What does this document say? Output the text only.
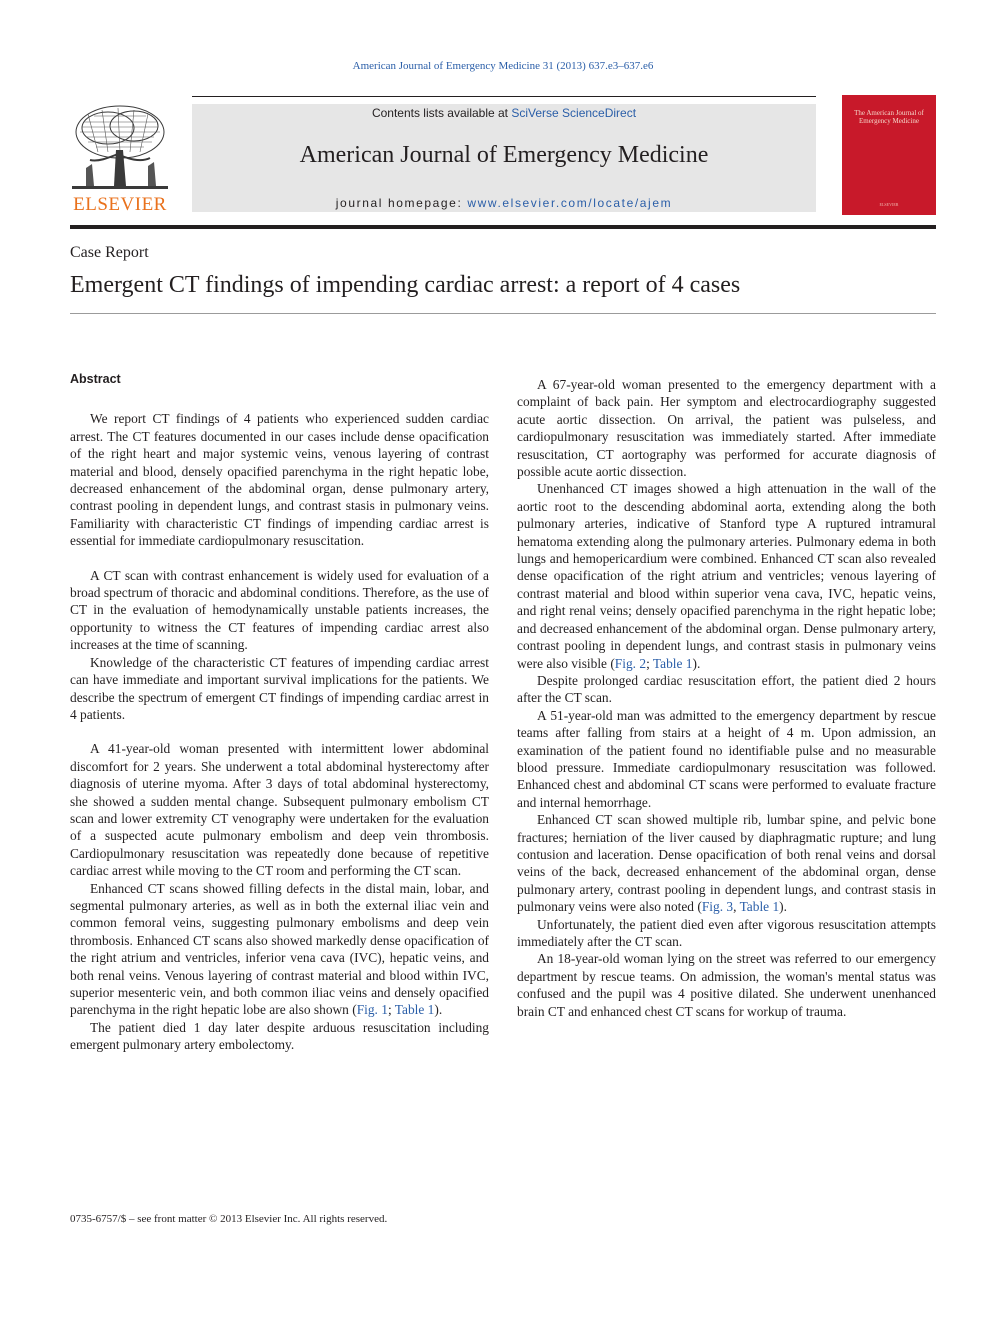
American Journal of Emergency Medicine 31 (2013) 637.e3–637.e6
ELSEVIER
Contents lists available at SciVerse ScienceDirect
American Journal of Emergency Medicine
journal homepage: www.elsevier.com/locate/ajem
The American Journal of Emergency Medicine
ELSEVIER
Case Report
Emergent CT findings of impending cardiac arrest: a report of 4 cases
Abstract

We report CT findings of 4 patients who experienced sudden cardiac arrest. The CT features documented in our cases include dense opacification of the right heart and major systemic veins, venous layering of contrast material and blood, densely opacified parenchyma in the right hepatic lobe, decreased enhancement of the abdominal organ, dense pulmonary artery, contrast pooling in dependent lungs, and contrast stasis in pulmonary veins. Familiarity with characteristic CT findings of impending cardiac arrest is essential for immediate cardiopulmonary resuscitation.

A CT scan with contrast enhancement is widely used for evaluation of a broad spectrum of thoracic and abdominal conditions. Therefore, as the use of CT in the evaluation of hemodynamically unstable patients increases, the opportunity to witness the CT features of impending cardiac arrest also increases at the time of scanning.

Knowledge of the characteristic CT features of impending cardiac arrest can have immediate and important survival implications for the patients. We describe the spectrum of emergent CT findings of impending cardiac arrest in 4 patients.

A 41-year-old woman presented with intermittent lower abdominal discomfort for 2 years. She underwent a total abdominal hysterectomy after diagnosis of uterine myoma. After 3 days of total abdominal hysterectomy, she showed a sudden mental change. Subsequent pulmonary embolism CT scan and lower extremity CT venography were undertaken for the evaluation of a suspected acute pulmonary embolism and deep vein thrombosis. Cardiopulmonary resuscitation was repeatedly done because of repetitive cardiac arrest while moving to the CT room and performing the CT scan.

Enhanced CT scans showed filling defects in the distal main, lobar, and segmental pulmonary arteries, as well as in both the external iliac vein and common femoral veins, suggesting pulmonary embolisms and deep vein thrombosis. Enhanced CT scans also showed markedly dense opacification of the right atrium and ventricles, inferior vena cava (IVC), hepatic veins, and both renal veins. Venous layering of contrast material and blood within IVC, superior mesenteric vein, and both common iliac veins and densely opacified parenchyma in the right hepatic lobe are also shown (Fig. 1; Table 1).

The patient died 1 day later despite arduous resuscitation including emergent pulmonary artery embolectomy.

A 67-year-old woman presented to the emergency department with a complaint of back pain. Her symptom and electrocardiography suggested acute aortic dissection. On arrival, the patient was pulseless, and cardiopulmonary resuscitation was immediately started. After immediate resuscitation, CT aortography was performed for accurate diagnosis of possible acute aortic dissection.

Unenhanced CT images showed a high attenuation in the wall of the aortic root to the descending abdominal aorta, extending along the both pulmonary arteries, indicative of Stanford type A ruptured intramural hematoma extending along the pulmonary arteries. Pulmonary edema in both lungs and hemopericardium were combined. Enhanced CT scan also revealed dense opacification of the right atrium and ventricles; venous layering of contrast material and blood within superior vena cava, IVC, hepatic veins, and right renal veins; densely opacified parenchyma in the right hepatic lobe; and decreased enhancement of the abdominal organ. Dense pulmonary artery, contrast pooling in dependent lungs, and contrast stasis in pulmonary veins were also visible (Fig. 2; Table 1).

Despite prolonged cardiac resuscitation effort, the patient died 2 hours after the CT scan.

A 51-year-old man was admitted to the emergency department by rescue teams after falling from stairs at a height of 4 m. Upon admission, an examination of the patient found no identifiable pulse and no measurable blood pressure. Immediate cardiopulmonary resuscitation was followed. Enhanced chest and abdominal CT scans were performed to evaluate fracture and internal hemorrhage.

Enhanced CT scan showed multiple rib, lumbar spine, and pelvic bone fractures; herniation of the liver caused by diaphragmatic rupture; and lung contusion and laceration. Dense opacification of both renal veins and dorsal veins of the back, decreased enhancement of the abdominal organ, dense pulmonary artery, contrast pooling in dependent lungs, and contrast stasis in pulmonary veins were also noted (Fig. 3, Table 1).

Unfortunately, the patient died even after vigorous resuscitation attempts immediately after the CT scan.

An 18-year-old woman lying on the street was referred to our emergency department by rescue teams. On admission, the woman's mental status was confused and the pupil was 4 positive dilated. She underwent unenhanced brain CT and enhanced chest CT scans for workup of trauma.

0735-6757/$ – see front matter © 2013 Elsevier Inc. All rights reserved.
